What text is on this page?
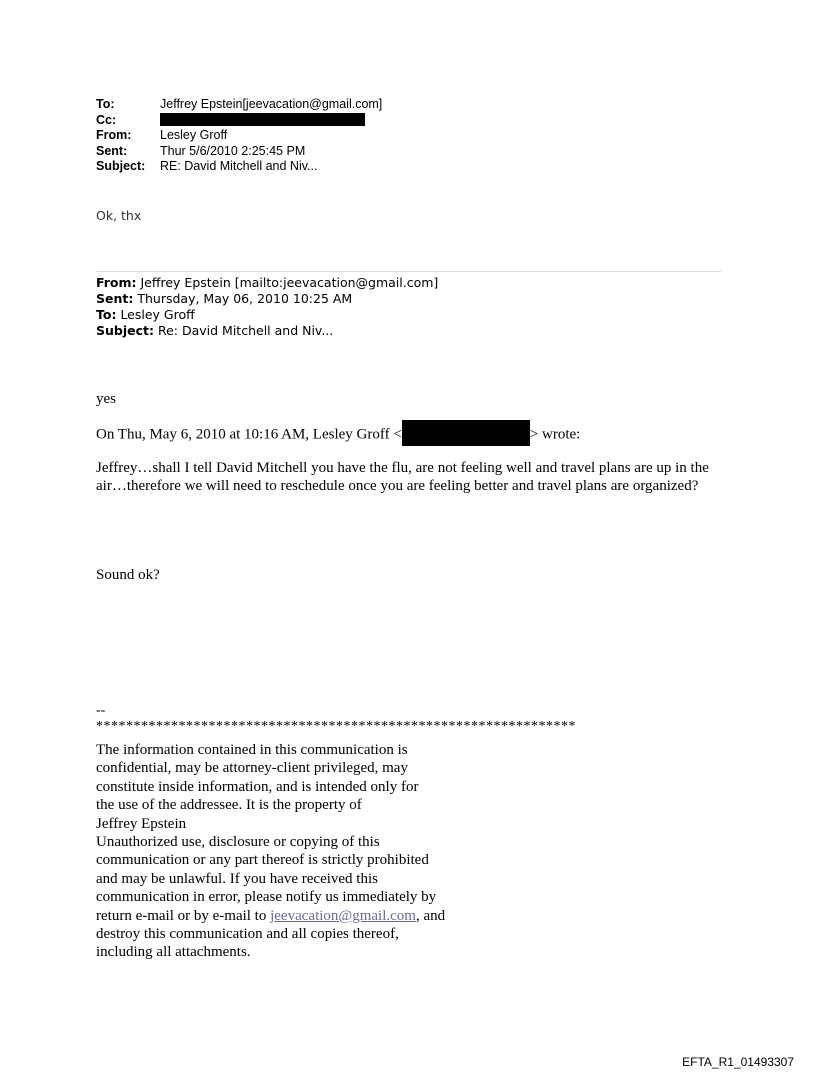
To:	Jeffrey Epstein[jeevacation@gmail.com]
Cc:
From:	Lesley Groff
Sent:	Thur 5/6/2010 2:25:45 PM
Subject:	RE: David Mitchell and Niv...
Ok, thx
From: Jeffrey Epstein [mailto:jeevacation@gmail.com]
Sent: Thursday, May 06, 2010 10:25 AM
To: Lesley Groff
Subject: Re: David Mitchell and Niv...
yes
On Thu, May 6, 2010 at 10:16 AM, Lesley Groff <	> wrote:
Jeffrey…shall I tell David Mitchell you have the flu, are not feeling well and travel plans are up in the air…therefore we will need to reschedule once you are feeling better and travel plans are organized?
Sound ok?
--
****************************************************************
The information contained in this communication is
confidential, may be attorney-client privileged, may
constitute inside information, and is intended only for
the use of the addressee. It is the property of
Jeffrey Epstein
Unauthorized use, disclosure or copying of this
communication or any part thereof is strictly prohibited
and may be unlawful. If you have received this
communication in error, please notify us immediately by
return e-mail or by e-mail to jeevacation@gmail.com, and
destroy this communication and all copies thereof,
including all attachments.
EFTA_R1_01493307
